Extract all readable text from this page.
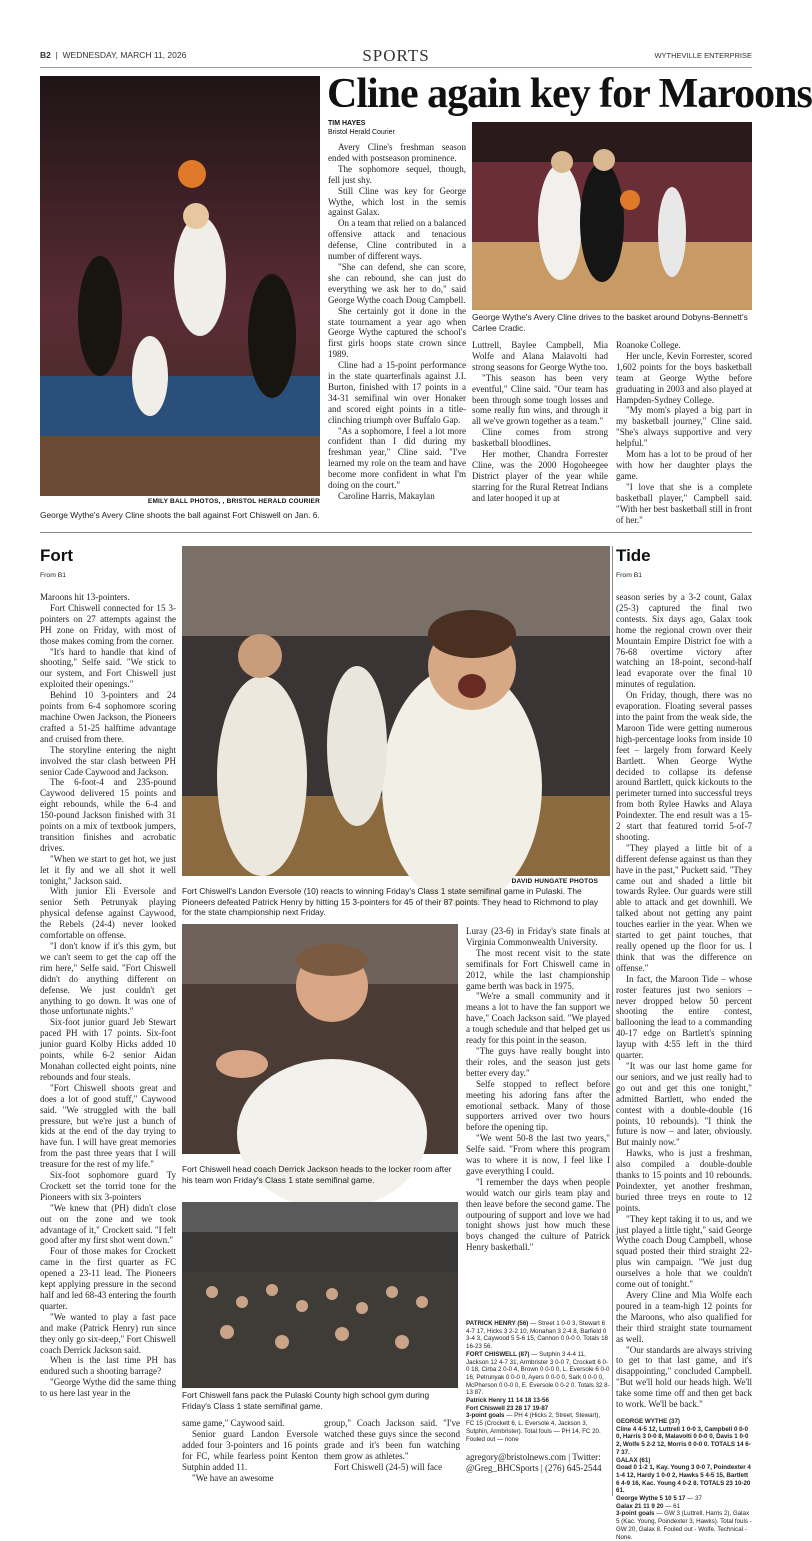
B2  |  WEDNESDAY, MARCH 11, 2026	SPORTS	WYTHEVILLE ENTERPRISE
EMILY BALL PHOTOS, , BRISTOL HERALD COURIER
George Wythe's Avery Cline shoots the ball against Fort Chiswell on Jan. 6.
Cline again key for Maroons
TIM HAYES
Bristol Herald Courier
George Wythe's Avery Cline drives to the basket around Dobyns-Bennett's Carlee Cradic.

Avery Cline's freshman season ended with postseason prominence.

The sophomore sequel, though, fell just shy.

Still Cline was key for George Wythe, which lost in the semis against Galax.

On a team that relied on a balanced offensive attack and tenacious defense, Cline contributed in a number of different ways.

"She can defend, she can score, she can rebound, she can just do everything we ask her to do," said George Wythe coach Doug Campbell.

She certainly got it done in the state tournament a year ago when George Wythe captured the school's first girls hoops state crown since 1989.

Cline had a 15-point performance in the state quarterfinals against J.I. Burton, finished with 17 points in a 34-31 semifinal win over Honaker and scored eight points in a title-clinching triumph over Buffalo Gap.

"As a sophomore, I feel a lot more confident than I did during my freshman year," Cline said. "I've learned my role on the team and have become more confident in what I'm doing on the court."

Caroline Harris, Makaylan

Luttrell, Baylee Campbell, Mia Wolfe and Alana Malavolti had strong seasons for George Wythe too.

"This season has been very eventful," Cline said. "Our team has been through some tough losses and some really fun wins, and through it all we've grown together as a team."

Cline comes from strong basketball bloodlines.

Her mother, Chandra Forrester Cline, was the 2000 Hogoheegee District player of the year while starring for the Rural Retreat Indians and later hooped it up at

Roanoke College.

Her uncle, Kevin Forrester, scored 1,602 points for the boys basketball team at George Wythe before graduating in 2003 and also played at Hampden-Sydney College.

"My mom's played a big part in my basketball journey," Cline said. "She's always supportive and very helpful."

Mom has a lot to be proud of her with how her daughter plays the game.

"I love that she is a complete basketball player," Campbell said. "With her best basketball still in front of her."

Fort
From B1

Maroons hit 13-pointers.

Fort Chiswell connected for 15 3-pointers on 27 attempts against the PH zone on Friday, with most of those makes coming from the corner.

"It's hard to handle that kind of shooting," Selfe said. "We stick to our system, and Fort Chiswell just exploited their openings."

Behind 10 3-pointers and 24 points from 6-4 sophomore scoring machine Owen Jackson, the Pioneers crafted a 51-25 halftime advantage and cruised from there.

The storyline entering the night involved the star clash between PH senior Cade Caywood and Jackson.

The 6-foot-4 and 235-pound Caywood delivered 15 points and eight rebounds, while the 6-4 and 150-pound Jackson finished with 31 points on a mix of textbook jumpers, transition finishes and acrobatic drives.

"When we start to get hot, we just let it fly and we all shot it well tonight," Jackson said.

With junior Eli Eversole and senior Seth Petrunyak playing physical defense against Caywood, the Rebels (24-4) never looked comfortable on offense.

"I don't know if it's this gym, but we can't seem to get the cap off the rim here," Selfe said. "Fort Chiswell didn't do anything different on defense. We just couldn't get anything to go down. It was one of those unfortunate nights."

Six-foot junior guard Jeb Stewart paced PH with 17 points. Six-foot junior guard Kolby Hicks added 10 points, while 6-2 senior Aidan Monahan collected eight points, nine rebounds and four steals.

"Fort Chiswell shoots great and does a lot of good stuff," Caywood said. "We struggled with the ball pressure, but we're just a bunch of kids at the end of the day trying to have fun. I will have great memories from the past three years that I will treasure for the rest of my life."

Six-foot sophomore guard Ty Crockett set the torrid tone for the Pioneers with six 3-pointers

"We knew that (PH) didn't close out on the zone and we took advantage of it," Crockett said. "I felt good after my first shot went down."

Four of those makes for Crockett came in the first quarter as FC opened a 23-11 lead. The Pioneers kept applying pressure in the second half and led 68-43 entering the fourth quarter.

"We wanted to play a fast pace and make (Patrick Henry) run since they only go six-deep," Fort Chiswell coach Derrick Jackson said.

When is the last time PH has endured such a shooting barrage?

"George Wythe did the same thing to us here last year in the

DAVID HUNGATE PHOTOS
Fort Chiswell's Landon Eversole (10) reacts to winning Friday's Class 1 state semifinal game in Pulaski. The Pioneers defeated Patrick Henry by hitting 15 3-pointers for 45 of their 87 points. They head to Richmond to play for the state championship next Friday.
Fort Chiswell head coach Derrick Jackson heads to the locker room after his team won Friday's Class 1 state semifinal game.
Fort Chiswell fans pack the Pulaski County high school gym during Friday's Class 1 state semifinal game.

same game," Caywood said.

Senior guard Landon Eversole added four 3-pointers and 16 points for FC, while fearless point Kenton Sutphin added 11.

"We have an awesome

group," Coach Jackson said. "I've watched these guys since the second grade and it's been fun watching them grow as athletes."

Fort Chiswell (24-5) will face

Luray (23-6) in Friday's state finals at Virginia Commonwealth University.

The most recent visit to the state semifinals for Fort Chiswell came in 2012, while the last championship game berth was back in 1975.

"We're a small community and it means a lot to have the fan support we have," Coach Jackson said. "We played a tough schedule and that helped get us ready for this point in the season.

"The guys have really bought into their roles, and the season just gets better every day."

Selfe stopped to reflect before meeting his adoring fans after the emotional setback. Many of those supporters arrived over two hours before the opening tip.

"We went 50-8 the last two years," Selfe said. "From where this program was to where it is now, I feel like I gave everything I could.

"I remember the days when people would watch our girls team play and then leave before the second game. The outpouring of support and love we had tonight shows just how much these boys changed the culture of Patrick Henry basketball."

PATRICK HENRY (56) — Street 1 0-0 3, Stewart 6 4-7 17, Hicks 3 2-2 10, Monahan 3 2-4 8, Barfield 0 3-4 3, Caywood 5 5-6 15, Cannon 0 0-0 0. Totals 18 16-23 56.
FORT CHISWELL (87) — Sutphin 3 4-4 11, Jackson 12 4-7 31, Armbrister 3 0-0 7, Crockett 6 0-0 18, Cirba 2 0-0 4, Brown 0 0-0 0, L. Eversole 6 0-0 16, Petrunyak 0 0-0 0, Ayers 0 0-0 0, Sark 0 0-0 0, McPherson 0 0-0 0, E. Eversole 0 0-2 0. Totals 32 8-13 87.
Patrick Henry 11 14 18 13-56
Fort Chiswell 23 28 17 19-87
3-point goals — PH 4 (Hicks 2, Street, Stewart), FC 15 (Crockett 6, L. Eversole 4, Jackson 3, Sutphin, Armbrister). Total fouls — PH 14, FC 20. Fouled out — none

agregory@bristolnews.com | Twitter: @Greg_BHCSports | (276) 645-2544

Tide
From B1

season series by a 3-2 count, Galax (25-3) captured the final two contests. Six days ago, Galax took home the regional crown over their Mountain Empire District foe with a 76-68 overtime victory after watching an 18-point, second-half lead evaporate over the final 10 minutes of regulation.

On Friday, though, there was no evaporation. Floating several passes into the paint from the weak side, the Maroon Tide were getting numerous high-percentage looks from inside 10 feet – largely from forward Keely Bartlett. When George Wythe decided to collapse its defense around Bartlett, quick kickouts to the perimeter turned into successful treys from both Rylee Hawks and Alaya Poindexter. The end result was a 15-2 start that featured torrid 5-of-7 shooting.

"They played a little bit of a different defense against us than they have in the past," Puckett said. "They came out and shaded a little bit towards Rylee. Our guards were still able to attack and get downhill. We talked about not getting any paint touches earlier in the year. When we started to get paint touches, that really opened up the floor for us. I think that was the difference on offense."

In fact, the Maroon Tide – whose roster features just two seniors – never dropped below 50 percent shooting the entire contest, ballooning the lead to a commanding 40-17 edge on Bartlett's spinning layup with 4:55 left in the third quarter.

"It was our last home game for our seniors, and we just really had to go out and get this one tonight," admitted Bartlett, who ended the contest with a double-double (16 points, 10 rebounds). "I think the future is now – and later, obviously. But mainly now."

Hawks, who is just a freshman, also compiled a double-double thanks to 15 points and 10 rebounds. Poindexter, yet another freshman, buried three treys en route to 12 points.

"They kept taking it to us, and we just played a little tight," said George Wythe coach Doug Campbell, whose squad posted their third straight 22-plus win campaign. "We just dug ourselves a hole that we couldn't come out of tonight."

Avery Cline and Mia Wolfe each poured in a team-high 12 points for the Maroons, who also qualified for their third straight state tournament as well.

"Our standards are always striving to get to that last game, and it's disappointing," concluded Campbell. "But we'll hold our heads high. We'll take some time off and then get back to work. We'll be back."

GEORGE WYTHE (37)
Cline 4 4-5 12, Luttrell 1 0-0 3, Campbell 0 0-0 0, Harris 3 0-0 8, Malavolti 0 0-0 0, Davis 1 0-0 2, Wolfe 5 2-2 12, Morris 0 0-0 0. TOTALS 14 6-7 37.
GALAX (61)
Goad 0 1-2 1, Kay. Young 3 0-0 7, Poindexter 4 1-4 12, Hardy 1 0-0 2, Hawks 5 4-5 15, Bartlett 6 4-9 16, Kac. Young 4 0-2 8. TOTALS 23 10-20 61.
George Wythe 5 10 5 17 — 37
Galax 21 11 9 20 — 61
3-point goals — GW 3 (Luttrell, Harris 2), Galax 5 (Kac. Young, Poindexter 3, Hawks). Total fouls - GW 20, Galax 8. Fouled out - Wolfe. Technical - None.
